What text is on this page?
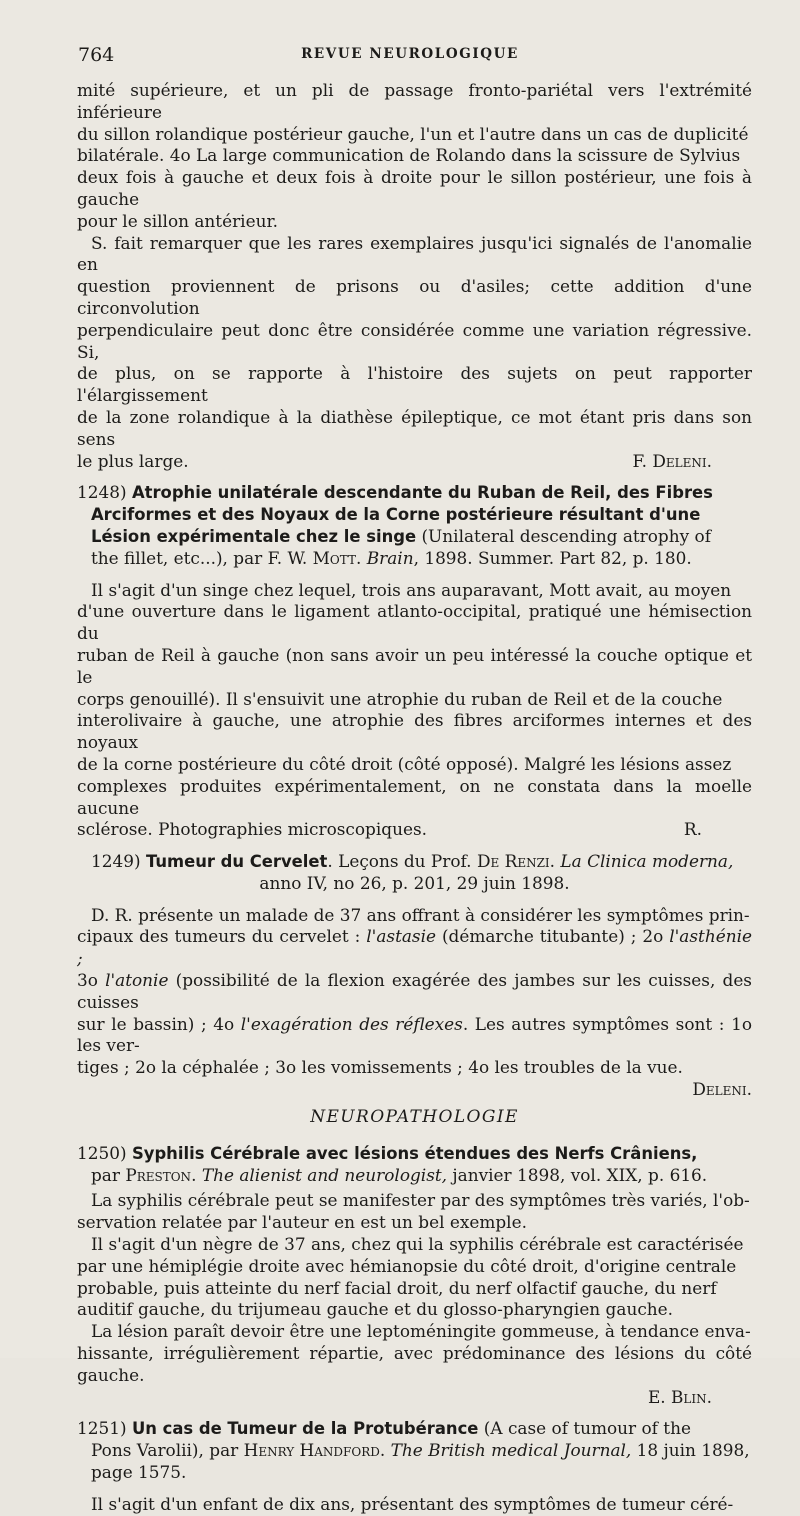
764	REVUE NEUROLOGIQUE

mité supérieure, et un pli de passage fronto-pariétal vers l'extrémité inférieure
du sillon rolandique postérieur gauche, l'un et l'autre dans un cas de duplicité
bilatérale. 4o La large communication de Rolando dans la scissure de Sylvius
deux fois à gauche et deux fois à droite pour le sillon postérieur, une fois à gauche
pour le sillon antérieur.

S. fait remarquer que les rares exemplaires jusqu'ici signalés de l'anomalie en
question proviennent de prisons ou d'asiles; cette addition d'une circonvolution
perpendiculaire peut donc être considérée comme une variation régressive. Si,
de plus, on se rapporte à l'histoire des sujets on peut rapporter l'élargissement
de la zone rolandique à la diathèse épileptique, ce mot étant pris dans son sens
le plus large.	F. Deleni.

1248) Atrophie unilatérale descendante du Ruban de Reil, des Fibres

Arciformes et des Noyaux de la Corne postérieure résultant d'une
Lésion expérimentale chez le singe (Unilateral descending atrophy of
the fillet, etc...), par F. W. Mott. Brain, 1898. Summer. Part 82, p. 180.

Il s'agit d'un singe chez lequel, trois ans auparavant, Mott avait, au moyen
d'une ouverture dans le ligament atlanto-occipital, pratiqué une hémisection du
ruban de Reil à gauche (non sans avoir un peu intéressé la couche optique et le
corps genouillé). Il s'ensuivit une atrophie du ruban de Reil et de la couche
interolivaire à gauche, une atrophie des fibres arciformes internes et des noyaux
de la corne postérieure du côté droit (côté opposé). Malgré les lésions assez
complexes produites expérimentalement, on ne constata dans la moelle aucune
sclérose. Photographies microscopiques.	R.

1249) Tumeur du Cervelet. Leçons du Prof. De Renzi. La Clinica moderna,

anno IV, no 26, p. 201, 29 juin 1898.

D. R. présente un malade de 37 ans offrant à considérer les symptômes prin-
cipaux des tumeurs du cervelet : l'astasie (démarche titubante) ; 2o l'asthénie ;
3o l'atonie (possibilité de la flexion exagérée des jambes sur les cuisses, des cuisses
sur le bassin) ; 4o l'exagération des réflexes. Les autres symptômes sont : 1o les ver-
tiges ; 2o la céphalée ; 3o les vomissements ; 4o les troubles de la vue.
Deleni.

NEUROPATHOLOGIE

1250) Syphilis Cérébrale avec lésions étendues des Nerfs Crâniens,

par Preston. The alienist and neurologist, janvier 1898, vol. XIX, p. 616.

La syphilis cérébrale peut se manifester par des symptômes très variés, l'ob-
servation relatée par l'auteur en est un bel exemple.

Il s'agit d'un nègre de 37 ans, chez qui la syphilis cérébrale est caractérisée
par une hémiplégie droite avec hémianopsie du côté droit, d'origine centrale
probable, puis atteinte du nerf facial droit, du nerf olfactif gauche, du nerf
auditif gauche, du trijumeau gauche et du glosso-pharyngien gauche.

La lésion paraît devoir être une leptoméningite gommeuse, à tendance enva-
hissante, irrégulièrement répartie, avec prédominance des lésions du côté gauche.

E. Blin.

1251) Un cas de Tumeur de la Protubérance (A case of tumour of the

Pons Varolii), par Henry Handford. The British medical Journal, 18 juin 1898,
page 1575.

Il s'agit d'un enfant de dix ans, présentant des symptômes de tumeur céré-
